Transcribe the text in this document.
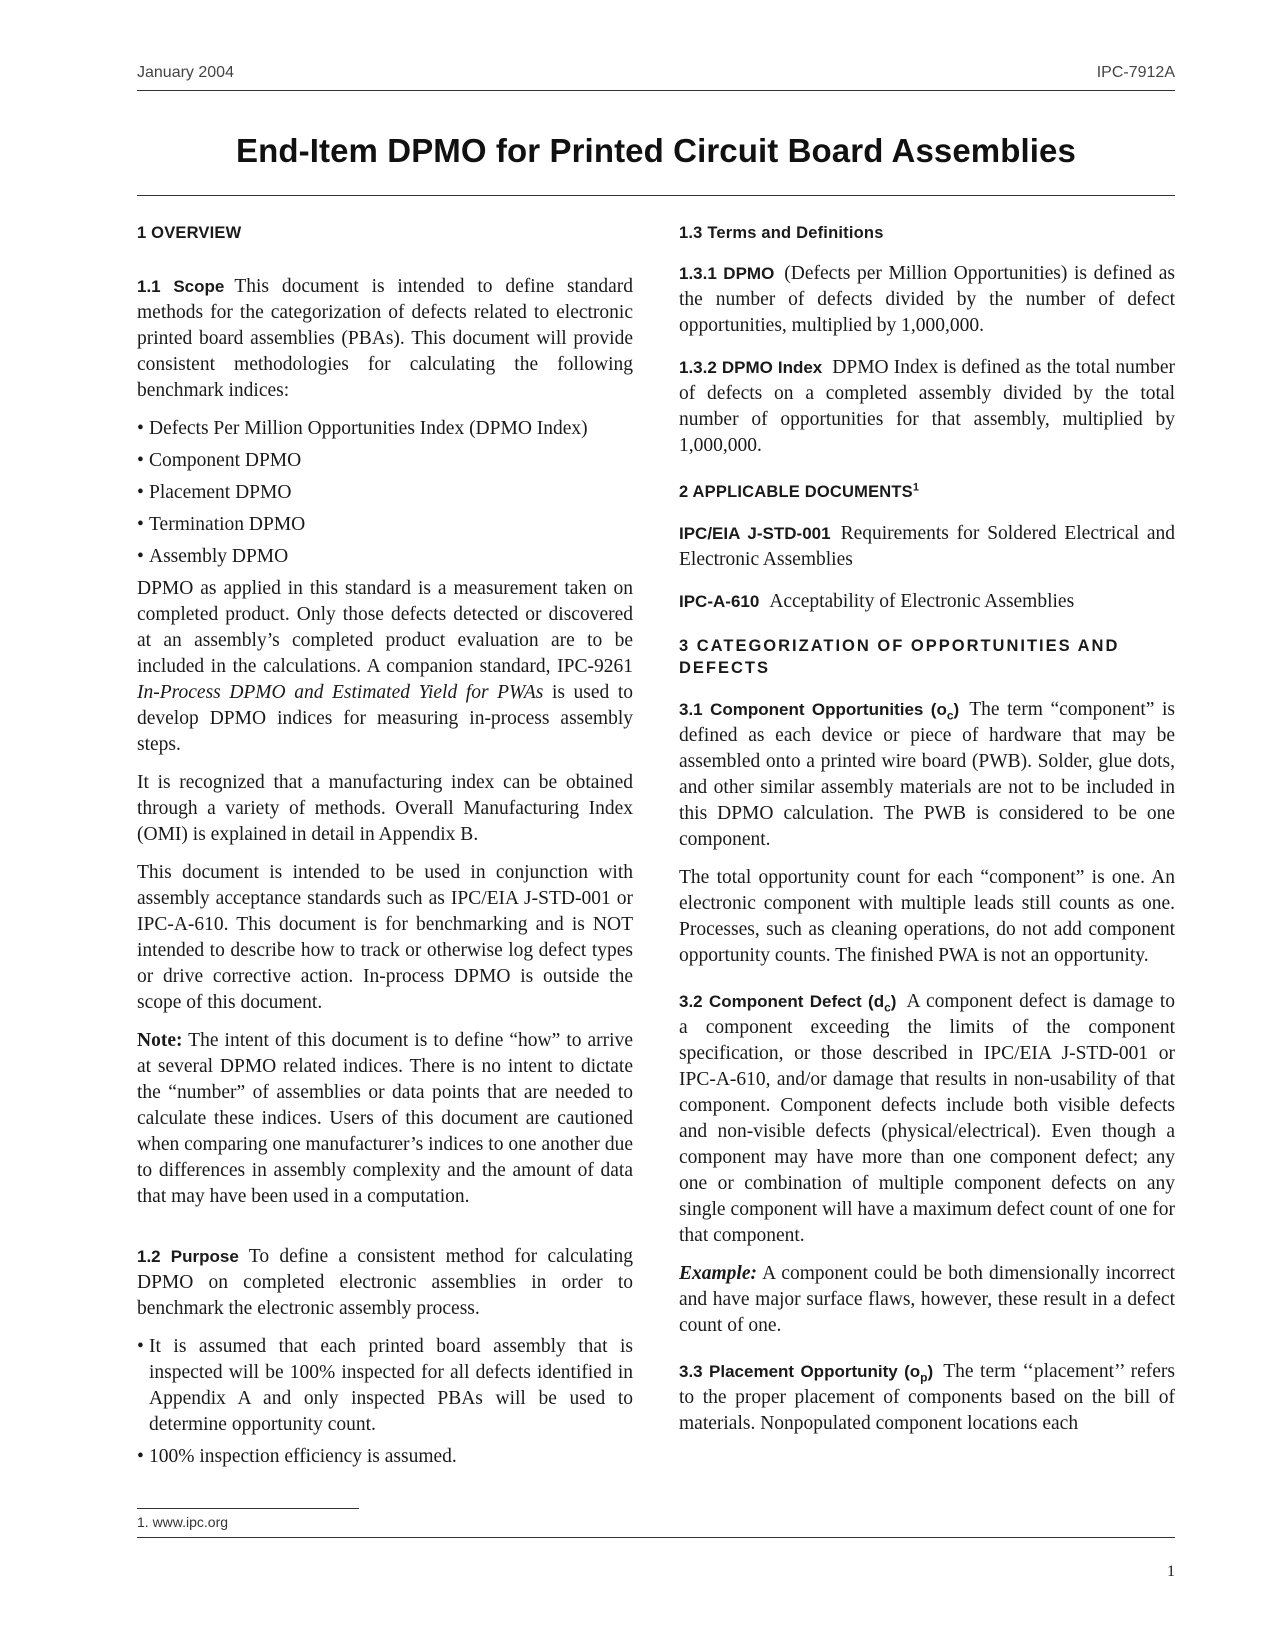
January 2004	IPC-7912A
End-Item DPMO for Printed Circuit Board Assemblies

1 OVERVIEW

1.1 Scope This document is intended to define standard methods for the categorization of defects related to electronic printed board assemblies (PBAs). This document will provide consistent methodologies for calculating the following benchmark indices:

• Defects Per Million Opportunities Index (DPMO Index)

• Component DPMO

• Placement DPMO

• Termination DPMO

• Assembly DPMO

DPMO as applied in this standard is a measurement taken on completed product. Only those defects detected or discovered at an assembly’s completed product evaluation are to be included in the calculations. A companion standard, IPC-9261 In-Process DPMO and Estimated Yield for PWAs is used to develop DPMO indices for measuring in-process assembly steps.

It is recognized that a manufacturing index can be obtained through a variety of methods. Overall Manufacturing Index (OMI) is explained in detail in Appendix B.

This document is intended to be used in conjunction with assembly acceptance standards such as IPC/EIA J-STD-001 or IPC-A-610. This document is for benchmarking and is NOT intended to describe how to track or otherwise log defect types or drive corrective action. In-process DPMO is outside the scope of this document.

Note: The intent of this document is to define “how” to arrive at several DPMO related indices. There is no intent to dictate the “number” of assemblies or data points that are needed to calculate these indices. Users of this document are cautioned when comparing one manufacturer’s indices to one another due to differences in assembly complexity and the amount of data that may have been used in a computation.

1.2 Purpose To define a consistent method for calculating DPMO on completed electronic assemblies in order to benchmark the electronic assembly process.

• It is assumed that each printed board assembly that is inspected will be 100% inspected for all defects identified in Appendix A and only inspected PBAs will be used to determine opportunity count.

• 100% inspection efficiency is assumed.

1.3 Terms and Definitions

1.3.1 DPMO (Defects per Million Opportunities) is defined as the number of defects divided by the number of defect opportunities, multiplied by 1,000,000.

1.3.2 DPMO Index DPMO Index is defined as the total number of defects on a completed assembly divided by the total number of opportunities for that assembly, multiplied by 1,000,000.

2 APPLICABLE DOCUMENTS$^1$

IPC/EIA J-STD-001 Requirements for Soldered Electrical and Electronic Assemblies

IPC-A-610 Acceptability of Electronic Assemblies

3 CATEGORIZATION OF OPPORTUNITIES AND DEFECTS

3.1 Component Opportunities $(o_c)$ The term “component” is defined as each device or piece of hardware that may be assembled onto a printed wire board (PWB). Solder, glue dots, and other similar assembly materials are not to be included in this DPMO calculation. The PWB is considered to be one component.

The total opportunity count for each “component” is one. An electronic component with multiple leads still counts as one. Processes, such as cleaning operations, do not add component opportunity counts. The finished PWA is not an opportunity.

3.2 Component Defect $(d_c)$ A component defect is damage to a component exceeding the limits of the component specification, or those described in IPC/EIA J-STD-001 or IPC-A-610, and/or damage that results in non-usability of that component. Component defects include both visible defects and non-visible defects (physical/electrical). Even though a component may have more than one component defect; any one or combination of multiple component defects on any single component will have a maximum defect count of one for that component.

Example: A component could be both dimensionally incorrect and have major surface flaws, however, these result in a defect count of one.

3.3 Placement Opportunity $(o_p)$ The term ‘‘placement’’ refers to the proper placement of components based on the bill of materials. Nonpopulated component locations each

1. www.ipc.org
1
